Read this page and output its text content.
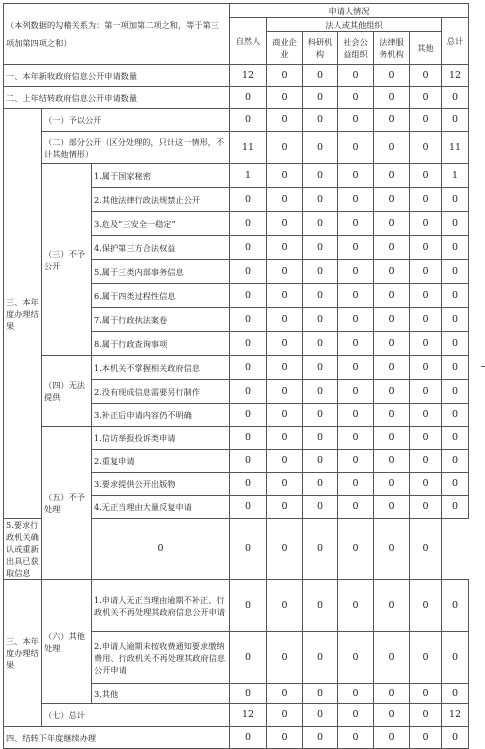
（本列数据的勾稽关系为：第一项加第二项之和，等于第三项加第四项之和）			申请人情况						
			自然人	法人或其他组织					总计
				商业企业	科研机构	社会公益组织	法律服务机构	其他	
一、本年新收政府信息公开申请数量			12	0	0	0	0	0	12
二、上年结转政府信息公开申请数量			0	0	0	0	0	0	0
三、本年度办理结果	（一）予以公开		0	0	0	0	0	0	0
	（二）部分公开（区分处理的，只计这一情形，不计其他情形）		11	0	0	0	0	0	11
	（三）不予公开	1.属于国家秘密	1	0	0	0	0	0	1
		2.其他法律行政法规禁止公开	0	0	0	0	0	0	0
		3.危及“三安全一稳定”	0	0	0	0	0	0	0
		4.保护第三方合法权益	0	0	0	0	0	0	0
		5.属于三类内部事务信息	0	0	0	0	0	0	0
		6.属于四类过程性信息	0	0	0	0	0	0	0
		7.属于行政执法案卷	0	0	0	0	0	0	0
		8.属于行政查询事项	0	0	0	0	0	0	0
	（四）无法提供	1.本机关不掌握相关政府信息	0	0	0	0	0	0	0
		2.没有现成信息需要另行制作	0	0	0	0	0	0	0
		3.补正后申请内容仍不明确	0	0	0	0	0	0	0
	（五）不予处理	1.信访举报投诉类申请	0	0	0	0	0	0	0
		2.重复申请	0	0	0	0	0	0	0
		3.要求提供公开出版物	0	0	0	0	0	0	0
		4.无正当理由大量反复申请	0	0	0	0	0	0	0
5.要求行政机关确认或重新出具已获取信息		0	0	0	0	0	0	0	
三、本年度办理结果	（六）其他处理	1.申请人无正当理由逾期不补正、行政机关不再处理其政府信息公开申请	0	0	0	0	0	0	0
		2.申请人逾期未按收费通知要求缴纳费用、行政机关不再处理其政府信息公开申请	0	0	0	0	0	0	0
		3.其他	0	0	0	0	0	0	0
	（七）总计		12	0	0	0	0	0	12
四、结转下年度继续办理			0	0	0	0	0	0	0
